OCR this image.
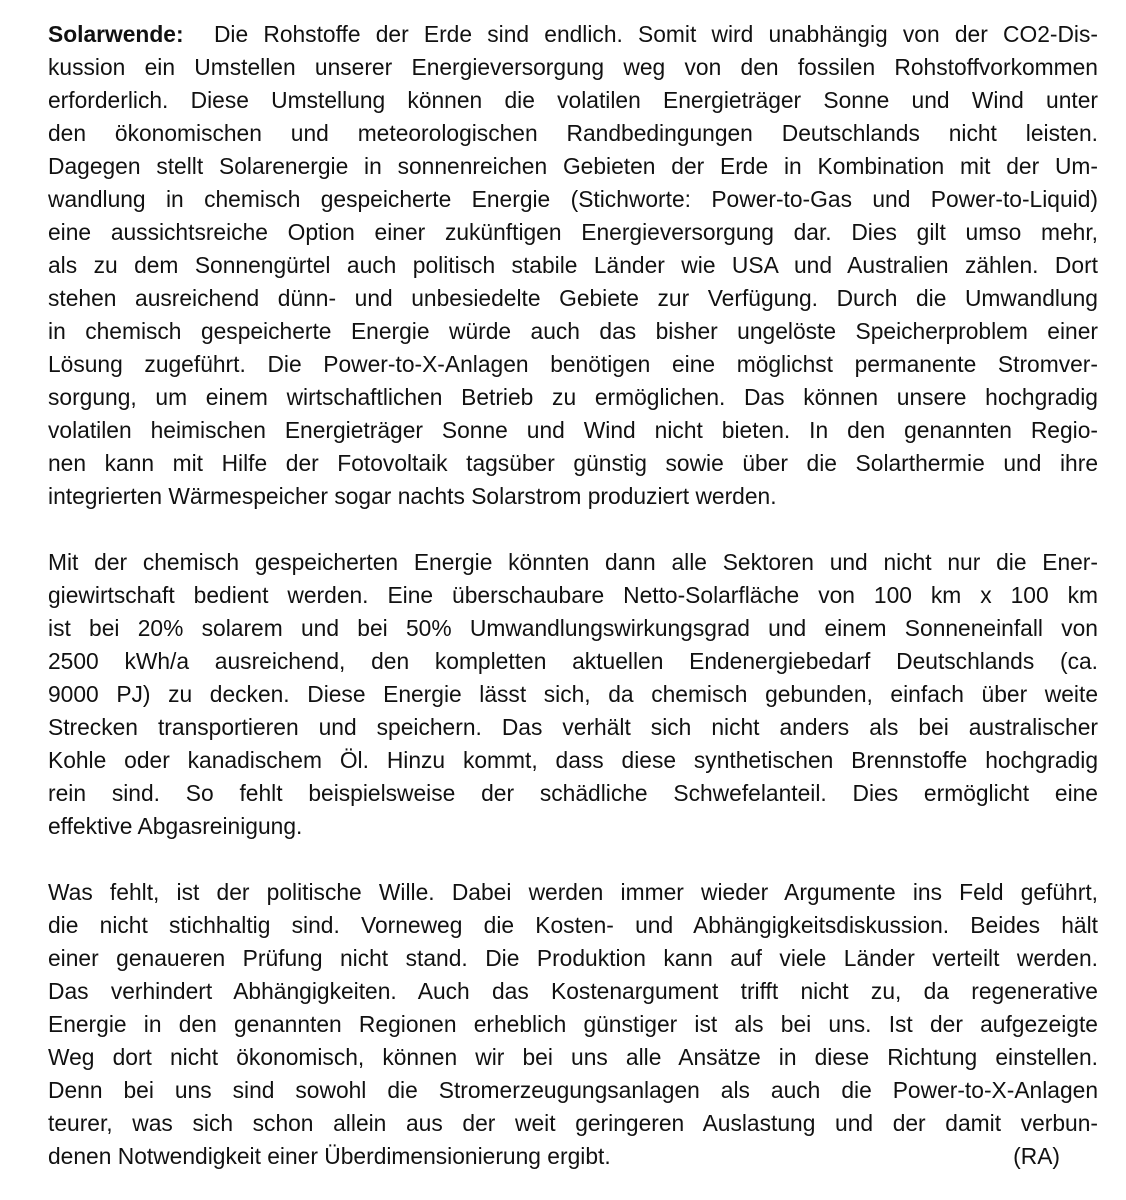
Solarwende: Die Rohstoffe der Erde sind endlich. Somit wird unabhängig von der CO2-Dis-
kussion ein Umstellen unserer Energieversorgung weg von den fossilen Rohstoffvorkommen
erforderlich. Diese Umstellung können die volatilen Energieträger Sonne und Wind unter
den ökonomischen und meteorologischen Randbedingungen Deutschlands nicht leisten.
Dagegen stellt Solarenergie in sonnenreichen Gebieten der Erde in Kombination mit der Um-
wandlung in chemisch gespeicherte Energie (Stichworte: Power-to-Gas und Power-to-Liquid)
eine aussichtsreiche Option einer zukünftigen Energieversorgung dar. Dies gilt umso mehr,
als zu dem Sonnengürtel auch politisch stabile Länder wie USA und Australien zählen. Dort
stehen ausreichend dünn- und unbesiedelte Gebiete zur Verfügung. Durch die Umwandlung
in chemisch gespeicherte Energie würde auch das bisher ungelöste Speicherproblem einer
Lösung zugeführt. Die Power-to-X-Anlagen benötigen eine möglichst permanente Stromver-
sorgung, um einem wirtschaftlichen Betrieb zu ermöglichen. Das können unsere hochgradig
volatilen heimischen Energieträger Sonne und Wind nicht bieten. In den genannten Regio-
nen kann mit Hilfe der Fotovoltaik tagsüber günstig sowie über die Solarthermie und ihre
integrierten Wärmespeicher sogar nachts Solarstrom produziert werden.
Mit der chemisch gespeicherten Energie könnten dann alle Sektoren und nicht nur die Ener-
giewirtschaft bedient werden. Eine überschaubare Netto-Solarfläche von 100 km x 100 km
ist bei 20% solarem und bei 50% Umwandlungswirkungsgrad und einem Sonneneinfall von
2500 kWh/a ausreichend, den kompletten aktuellen Endenergiebedarf Deutschlands (ca.
9000 PJ) zu decken. Diese Energie lässt sich, da chemisch gebunden, einfach über weite
Strecken transportieren und speichern. Das verhält sich nicht anders als bei australischer
Kohle oder kanadischem Öl. Hinzu kommt, dass diese synthetischen Brennstoffe hochgradig
rein sind. So fehlt beispielsweise der schädliche Schwefelanteil. Dies ermöglicht eine
effektive Abgasreinigung.
Was fehlt, ist der politische Wille. Dabei werden immer wieder Argumente ins Feld geführt,
die nicht stichhaltig sind. Vorneweg die Kosten- und Abhängigkeitsdiskussion. Beides hält
einer genaueren Prüfung nicht stand. Die Produktion kann auf viele Länder verteilt werden.
Das verhindert Abhängigkeiten. Auch das Kostenargument trifft nicht zu, da regenerative
Energie in den genannten Regionen erheblich günstiger ist als bei uns. Ist der aufgezeigte
Weg dort nicht ökonomisch, können wir bei uns alle Ansätze in diese Richtung einstellen.
Denn bei uns sind sowohl die Stromerzeugungsanlagen als auch die Power-to-X-Anlagen
teurer, was sich schon allein aus der weit geringeren Auslastung und der damit verbun-
denen Notwendigkeit einer Überdimensionierung ergibt.	(RA)
